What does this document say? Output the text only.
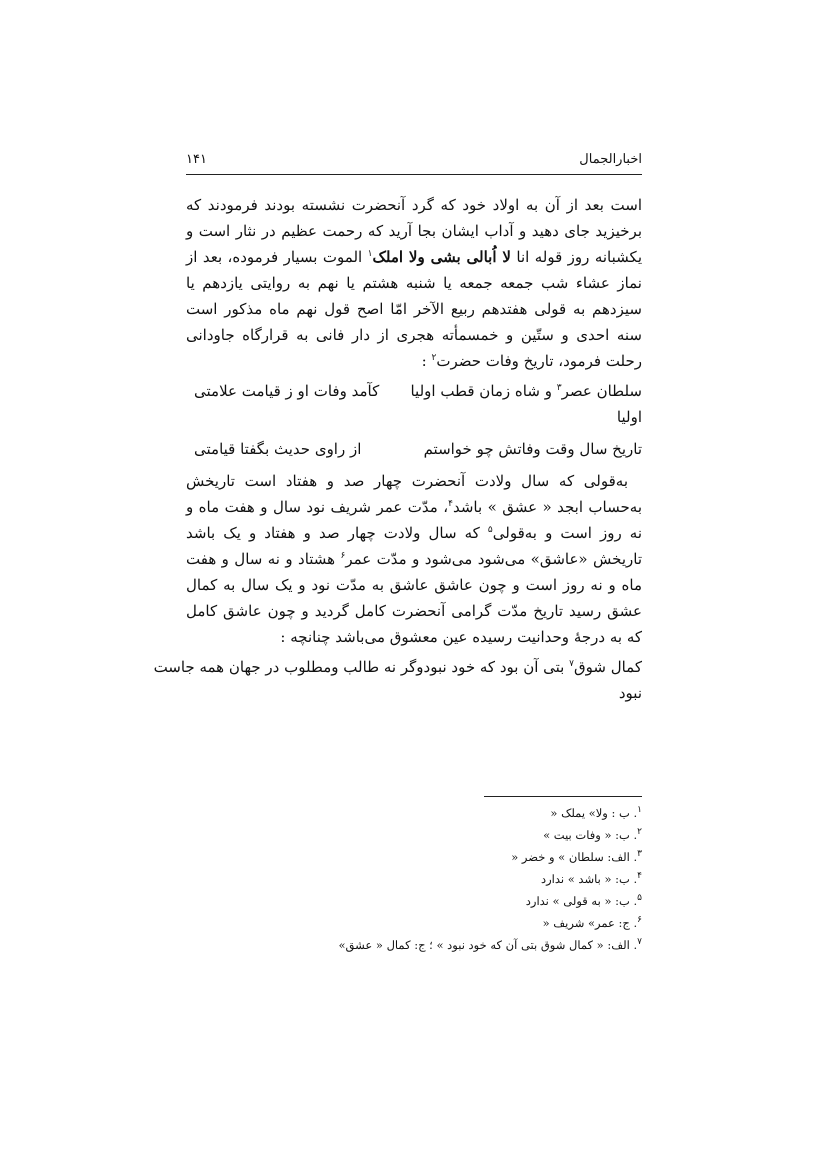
اخبارالجمال
۱۴۱

است بعد از آن به اولاد خود که گرد آنحضرت نشسته بودند فرمودند که برخیزید جای دهید و آداب ایشان بجا آرید که رحمت عظیم در نثار است و یکشبانه روز قوله انا لا اُبالی بشی ولا املک$^۱$ الموت بسیار فرموده، بعد از نماز عشاء شب جمعه جمعه یا شنبه هشتم یا نهم به روایتی یازدهم یا سیزدهم به قولی هفتدهم ربیع الآخر امّا اصح قول نهم ماه مذکور است سنه احدی و ستّین و خمسمأته هجری از دار فانی به قرارگاه جاودانی رحلت فرمود، تاریخ وفات حضرت$^۲$ :

سلطان عصر$^۳$ و شاه زمان قطب اولیا
کآمد وفات او ز قیامت علامتی
اولیا
تاریخ سال وقت وفاتش چو خواستم
از راوی حدیث بگفتا قیامتی

به‌قولی که سال ولادت آنحضرت چهار صد و هفتاد است تاریخش به‌حساب ابجد « عشق » باشد$^۴$، مدّت عمر شریف نود سال و هفت ماه و نه روز است و به‌قولی$^۵$ که سال ولادت چهار صد و هفتاد و یک باشد تاریخش «عاشق» می‌شود می‌شود و مدّت عمر$^۶$ هشتاد و نه سال و هفت ماه و نه روز است و چون عاشق عاشق به مدّت نود و یک سال به کمال عشق رسید تاریخ مدّت گرامی آنحضرت کامل گردید و چون عاشق کامل که به درجۀ وحدانیت رسیده عین معشوق می‌باشد چنانچه :

کمال شوق$^۷$ بتی آن بود که خود نبود
وگر نه طالب ومطلوب در جهان همه جاست
نبود
$^۱$. ب : ولا» یملک «
$^۲$. ب: « وفات بیت »
$^۳$. الف: سلطان » و خضر «
$^۴$. ب: « باشد » ندارد
$^۵$. ب: « به قولی » ندارد
$^۶$. ج: عمر» شریف «
$^۷$. الف: « کمال شوق بتی آن که خود نبود » ؛ ج: کمال « عشق»
